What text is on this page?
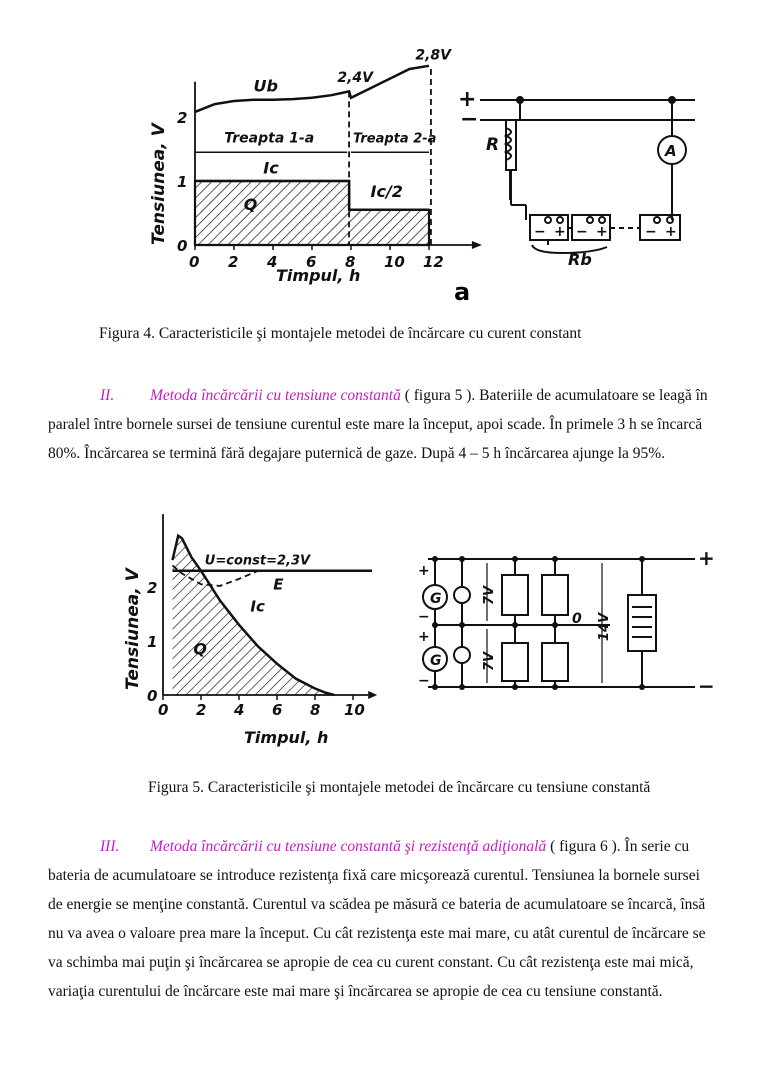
0 2 4 6 8 10 12
0
1
2
Ub	2,4V
2,8V
Treapta 1-a	Treapta 2-a
Ic
Ic/2
Q
Tensiunea, V
Timpul, h
+
−
R	A
− + − +	− +
Rb
a
Figura 4. Caracteristicile şi montajele metodei de încărcare cu curent constant
II. Metoda încărcării cu tensiune constantă ( figura 5 ). Bateriile de acumulatoare se leagă în
paralel între bornele sursei de tensiune curentul este mare la început, apoi scade. În primele 3 h se încarcă
80%. Încărcarea se termină fără degajare puternică de gaze. După 4 – 5 h încărcarea ajunge la 95%.
0 2 4 6 8 10
0
1
2
U=const=2,3V
E
Ic
Q
Tensiunea, V
Timpul, h
G
G
+
−
+
−
7V
7V
14V
0
+
−
Figura 5. Caracteristicile şi montajele metodei de încărcare cu tensiune constantă
III. Metoda încărcării cu tensiune constantă şi rezistenţă adiţională ( figura 6 ). În serie cu
bateria de acumulatoare se introduce rezistenţa fixă care micşorează curentul. Tensiunea la bornele sursei
de energie se menţine constantă. Curentul va scădea pe măsură ce bateria de acumulatoare se încarcă, însă
nu va avea o valoare prea mare la început. Cu cât rezistenţa este mai mare, cu atât curentul de încărcare se
va schimba mai puţin şi încărcarea se apropie de cea cu curent constant. Cu cât rezistenţa este mai mică,
variaţia curentului de încărcare este mai mare şi încărcarea se apropie de cea cu tensiune constantă.
